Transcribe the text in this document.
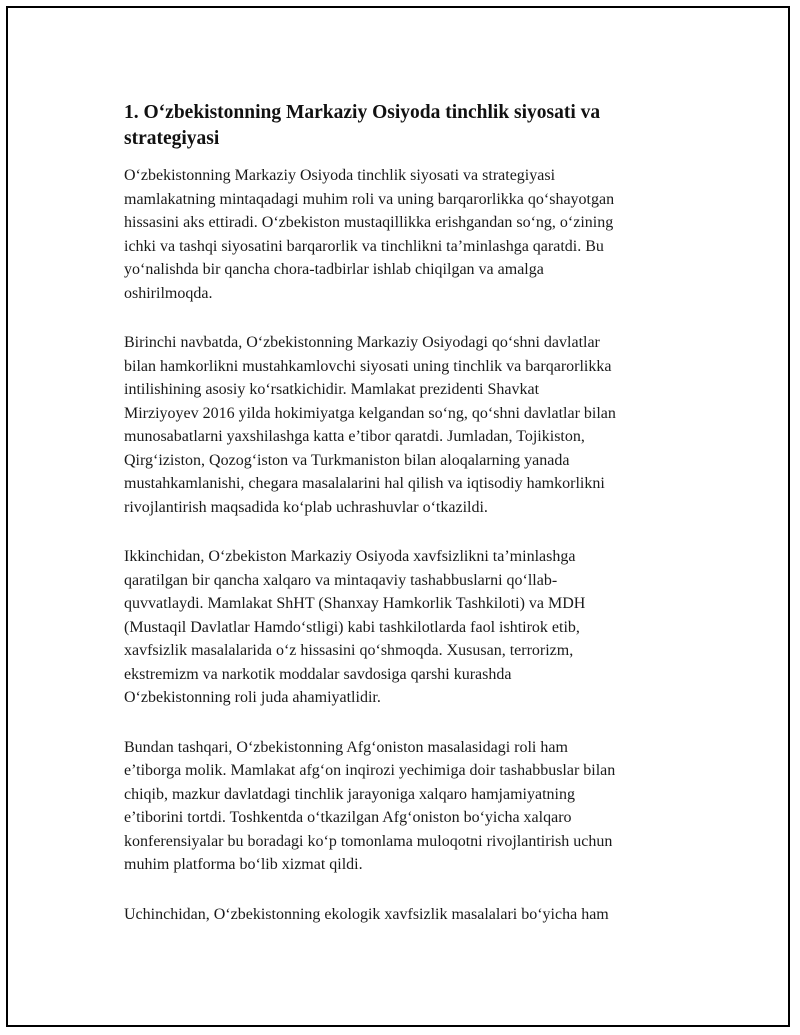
1. O‘zbekistonning Markaziy Osiyoda tinchlik siyosati va strategiyasi

O‘zbekistonning Markaziy Osiyoda tinchlik siyosati va strategiyasi
mamlakatning mintaqadagi muhim roli va uning barqarorlikka qo‘shayotgan
hissasini aks ettiradi. O‘zbekiston mustaqillikka erishgandan so‘ng, o‘zining
ichki va tashqi siyosatini barqarorlik va tinchlikni ta’minlashga qaratdi. Bu
yo‘nalishda bir qancha chora-tadbirlar ishlab chiqilgan va amalga
oshirilmoqda.

Birinchi navbatda, O‘zbekistonning Markaziy Osiyodagi qo‘shni davlatlar
bilan hamkorlikni mustahkamlovchi siyosati uning tinchlik va barqarorlikka
intilishining asosiy ko‘rsatkichidir. Mamlakat prezidenti Shavkat
Mirziyoyev 2016 yilda hokimiyatga kelgandan so‘ng, qo‘shni davlatlar bilan
munosabatlarni yaxshilashga katta e’tibor qaratdi. Jumladan, Tojikiston,
Qirg‘iziston, Qozog‘iston va Turkmaniston bilan aloqalarning yanada
mustahkamlanishi, chegara masalalarini hal qilish va iqtisodiy hamkorlikni
rivojlantirish maqsadida ko‘plab uchrashuvlar o‘tkazildi.

Ikkinchidan, O‘zbekiston Markaziy Osiyoda xavfsizlikni ta’minlashga
qaratilgan bir qancha xalqaro va mintaqaviy tashabbuslarni qo‘llab-
quvvatlaydi. Mamlakat ShHT (Shanxay Hamkorlik Tashkiloti) va MDH
(Mustaqil Davlatlar Hamdo‘stligi) kabi tashkilotlarda faol ishtirok etib,
xavfsizlik masalalarida o‘z hissasini qo‘shmoqda. Xususan, terrorizm,
ekstremizm va narkotik moddalar savdosiga qarshi kurashda
O‘zbekistonning roli juda ahamiyatlidir.

Bundan tashqari, O‘zbekistonning Afg‘oniston masalasidagi roli ham
e’tiborga molik. Mamlakat afg‘on inqirozi yechimiga doir tashabbuslar bilan
chiqib, mazkur davlatdagi tinchlik jarayoniga xalqaro hamjamiyatning
e’tiborini tortdi. Toshkentda o‘tkazilgan Afg‘oniston bo‘yicha xalqaro
konferensiyalar bu boradagi ko‘p tomonlama muloqotni rivojlantirish uchun
muhim platforma bo‘lib xizmat qildi.

Uchinchidan, O‘zbekistonning ekologik xavfsizlik masalalari bo‘yicha ham
